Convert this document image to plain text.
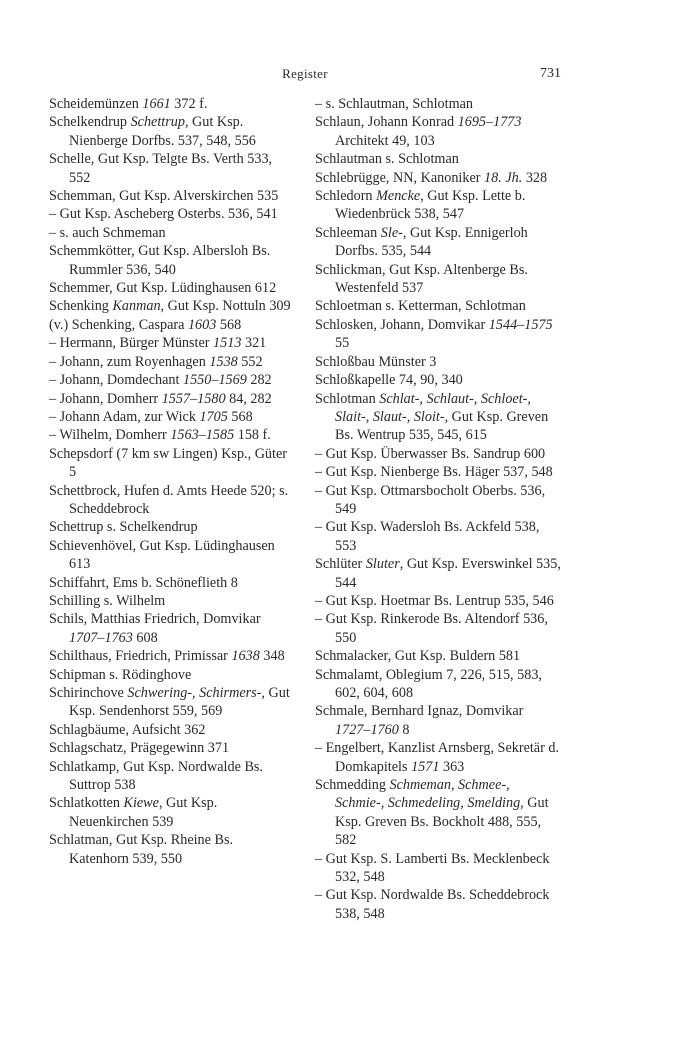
Register	731

Scheidemünzen 1661 372 f.

Schelkendrup Schettrup, Gut Ksp. Nienberge Dorfbs. 537, 548, 556

Schelle, Gut Ksp. Telgte Bs. Verth 533, 552

Schemman, Gut Ksp. Alverskirchen 535

– Gut Ksp. Ascheberg Osterbs. 536, 541

– s. auch Schmeman

Schemmkötter, Gut Ksp. Albersloh Bs. Rummler 536, 540

Schemmer, Gut Ksp. Lüdinghausen 612

Schenking Kanman, Gut Ksp. Nottuln 309

(v.) Schenking, Caspara 1603 568

– Hermann, Bürger Münster 1513 321

– Johann, zum Royenhagen 1538 552

– Johann, Domdechant 1550–1569 282

– Johann, Domherr 1557–1580 84, 282

– Johann Adam, zur Wick 1705 568

– Wilhelm, Domherr 1563–1585 158 f.

Schepsdorf (7 km sw Lingen) Ksp., Güter 5

Schettbrock, Hufen d. Amts Heede 520; s. Scheddebrock

Schettrup s. Schelkendrup

Schievenhövel, Gut Ksp. Lüdinghausen 613

Schiffahrt, Ems b. Schöneflieth 8

Schilling s. Wilhelm

Schils, Matthias Friedrich, Domvikar 1707–1763 608

Schilthaus, Friedrich, Primissar 1638 348

Schipman s. Rödinghove

Schirinchove Schwering-, Schirmers-, Gut Ksp. Sendenhorst 559, 569

Schlagbäume, Aufsicht 362

Schlagschatz, Prägegewinn 371

Schlatkamp, Gut Ksp. Nordwalde Bs. Suttrop 538

Schlatkotten Kiewe, Gut Ksp. Neuenkirchen 539

Schlatman, Gut Ksp. Rheine Bs. Katenhorn 539, 550

– s. Schlautman, Schlotman

Schlaun, Johann Konrad 1695–1773 Architekt 49, 103

Schlautman s. Schlotman

Schlebrügge, NN, Kanoniker 18. Jh. 328

Schledorn Mencke, Gut Ksp. Lette b. Wiedenbrück 538, 547

Schleeman Sle-, Gut Ksp. Ennigerloh Dorfbs. 535, 544

Schlickman, Gut Ksp. Altenberge Bs. Westenfeld 537

Schloetman s. Ketterman, Schlotman

Schlosken, Johann, Domvikar 1544–1575 55

Schloßbau Münster 3

Schloßkapelle 74, 90, 340

Schlotman Schlat-, Schlaut-, Schloet-, Slait-, Slaut-, Sloit-, Gut Ksp. Greven Bs. Wentrup 535, 545, 615

– Gut Ksp. Überwasser Bs. Sandrup 600

– Gut Ksp. Nienberge Bs. Häger 537, 548

– Gut Ksp. Ottmarsbocholt Oberbs. 536, 549

– Gut Ksp. Wadersloh Bs. Ackfeld 538, 553

Schlüter Sluter, Gut Ksp. Everswinkel 535, 544

– Gut Ksp. Hoetmar Bs. Lentrup 535, 546

– Gut Ksp. Rinkerode Bs. Altendorf 536, 550

Schmalacker, Gut Ksp. Buldern 581

Schmalamt, Oblegium 7, 226, 515, 583, 602, 604, 608

Schmale, Bernhard Ignaz, Domvikar 1727–1760 8

– Engelbert, Kanzlist Arnsberg, Sekretär d. Domkapitels 1571 363

Schmedding Schmeman, Schmee-, Schmie-, Schmedeling, Smelding, Gut Ksp. Greven Bs. Bockholt 488, 555, 582

– Gut Ksp. S. Lamberti Bs. Mecklenbeck 532, 548

– Gut Ksp. Nordwalde Bs. Scheddebrock 538, 548
